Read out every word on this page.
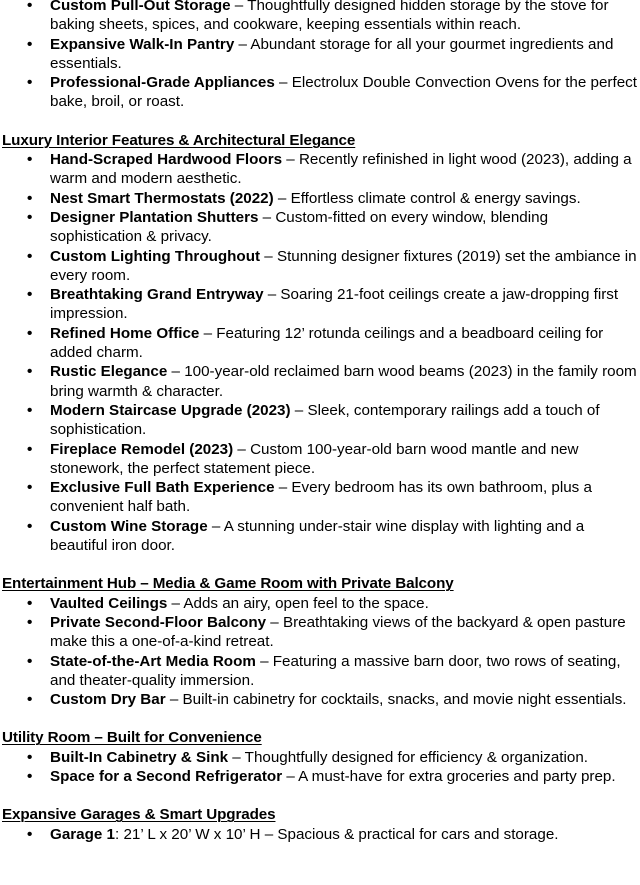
• Custom Pull-Out Storage – Thoughtfully designed hidden storage by the stove for baking sheets, spices, and cookware, keeping essentials within reach.
• Expansive Walk-In Pantry – Abundant storage for all your gourmet ingredients and essentials.
• Professional-Grade Appliances – Electrolux Double Convection Ovens for the perfect bake, broil, or roast.
Luxury Interior Features & Architectural Elegance
• Hand-Scraped Hardwood Floors – Recently refinished in light wood (2023), adding a warm and modern aesthetic.
• Nest Smart Thermostats (2022) – Effortless climate control & energy savings.
• Designer Plantation Shutters – Custom-fitted on every window, blending sophistication & privacy.
• Custom Lighting Throughout – Stunning designer fixtures (2019) set the ambiance in every room.
• Breathtaking Grand Entryway – Soaring 21-foot ceilings create a jaw-dropping first impression.
• Refined Home Office – Featuring 12’ rotunda ceilings and a beadboard ceiling for added charm.
• Rustic Elegance – 100-year-old reclaimed barn wood beams (2023) in the family room bring warmth & character.
• Modern Staircase Upgrade (2023) – Sleek, contemporary railings add a touch of sophistication.
• Fireplace Remodel (2023) – Custom 100-year-old barn wood mantle and new stonework, the perfect statement piece.
• Exclusive Full Bath Experience – Every bedroom has its own bathroom, plus a convenient half bath.
• Custom Wine Storage – A stunning under-stair wine display with lighting and a beautiful iron door.
Entertainment Hub – Media & Game Room with Private Balcony
• Vaulted Ceilings – Adds an airy, open feel to the space.
• Private Second-Floor Balcony – Breathtaking views of the backyard & open pasture make this a one-of-a-kind retreat.
• State-of-the-Art Media Room – Featuring a massive barn door, two rows of seating, and theater-quality immersion.
• Custom Dry Bar – Built-in cabinetry for cocktails, snacks, and movie night essentials.
Utility Room – Built for Convenience
• Built-In Cabinetry & Sink – Thoughtfully designed for efficiency & organization.
• Space for a Second Refrigerator – A must-have for extra groceries and party prep.
Expansive Garages & Smart Upgrades
• Garage 1: 21’ L x 20’ W x 10’ H – Spacious & practical for cars and storage.
